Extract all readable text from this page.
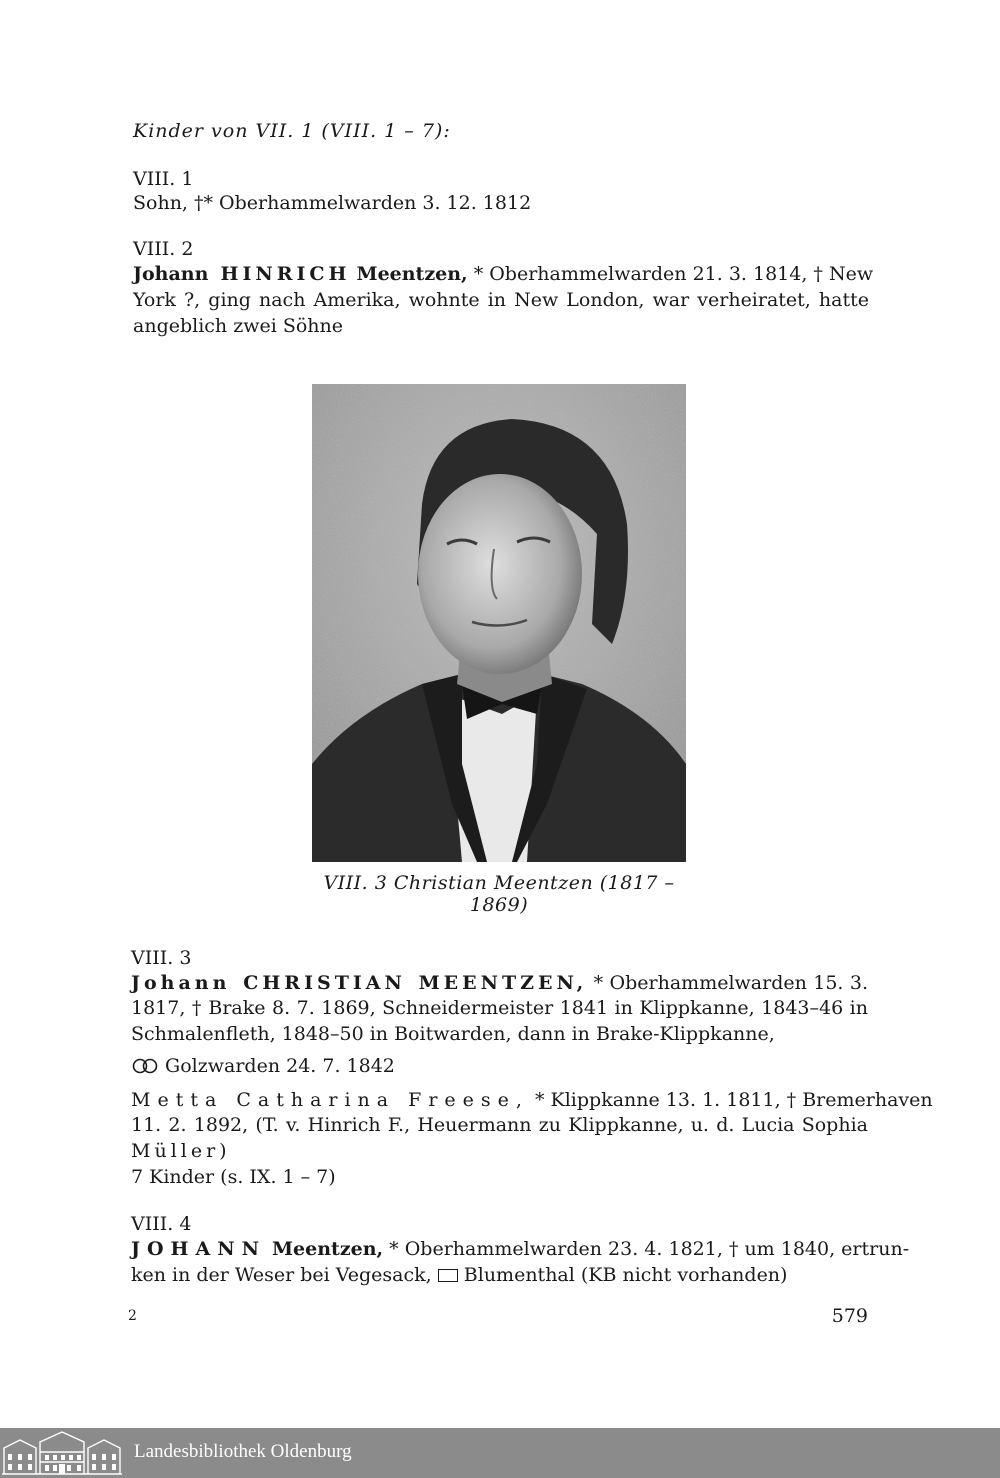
Kinder von VII. 1 (VIII. 1 – 7):
VIII. 1
Sohn, †* Oberhammelwarden 3. 12. 1812
VIII. 2
Johann HINRICH Meentzen, * Oberhammelwarden 21. 3. 1814, † New
York ?, ging nach Amerika, wohnte in New London, war verheiratet, hatte
angeblich zwei Söhne
VIII. 3 Christian Meentzen (1817 – 1869)
VIII. 3
Johann CHRISTIAN MEENTZEN, * Oberhammelwarden 15. 3.
1817, † Brake 8. 7. 1869, Schneidermeister 1841 in Klippkanne, 1843–46 in
Schmalenfleth, 1848–50 in Boitwarden, dann in Brake-Klippkanne,
Golzwarden 24. 7. 1842
Metta Catharina Freese, * Klippkanne 13. 1. 1811, † Bremerhaven
11. 2. 1892, (T. v. Hinrich F., Heuermann zu Klippkanne, u. d. Lucia Sophia
Müller)
7 Kinder (s. IX. 1 – 7)
VIII. 4
JOHANN Meentzen, * Oberhammelwarden 23. 4. 1821, † um 1840, ertrun-
ken in der Weser bei Vegesack, Blumenthal (KB nicht vorhanden)
2	579
Landesbibliothek Oldenburg
